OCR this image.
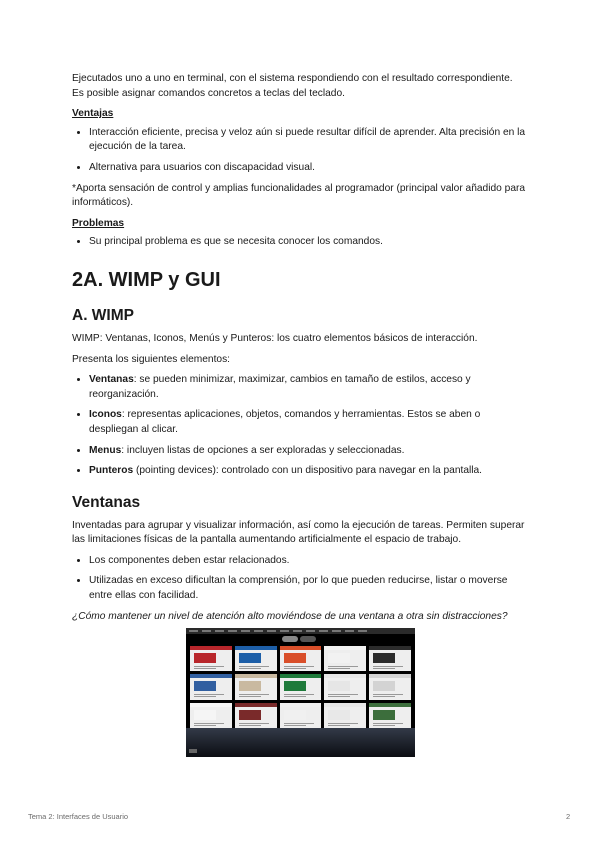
Ejecutados uno a uno en terminal, con el sistema respondiendo con el resultado correspondiente.

Es posible asignar comandos concretos a teclas del teclado.

Ventajas
• Interacción eficiente, precisa y veloz aún si puede resultar difícil de aprender. Alta precisión en la ejecución de la tarea.
• Alternativa para usuarios con discapacidad visual.

*Aporta sensación de control y amplias funcionalidades al programador (principal valor añadido para informáticos).

Problemas
• Su principal problema es que se necesita conocer los comandos.
2A. WIMP y GUI
A. WIMP

WIMP: Ventanas, Iconos, Menús y Punteros: los cuatro elementos básicos de interacción.

Presenta los siguientes elementos:

• Ventanas: se pueden minimizar, maximizar, cambios en tamaño de estilos, acceso y reorganización.
• Iconos: representas aplicaciones, objetos, comandos y herramientas. Estos se aben o despliegan al clicar.
• Menus: incluyen listas de opciones a ser exploradas y seleccionadas.
• Punteros (pointing devices): controlado con un dispositivo para navegar en la pantalla.
Ventanas

Inventadas para agrupar y visualizar información, así como la ejecución de tareas. Permiten superar las limitaciones físicas de la pantalla aumentando artificialmente el espacio de trabajo.

• Los componentes deben estar relacionados.
• Utilizadas en exceso dificultan la comprensión, por lo que pueden reducirse, listar o moverse entre ellas con facilidad.

¿Cómo mantener un nivel de atención alto moviéndose de una ventana a otra sin distracciones?

Tema 2: Interfaces de Usuario	2
